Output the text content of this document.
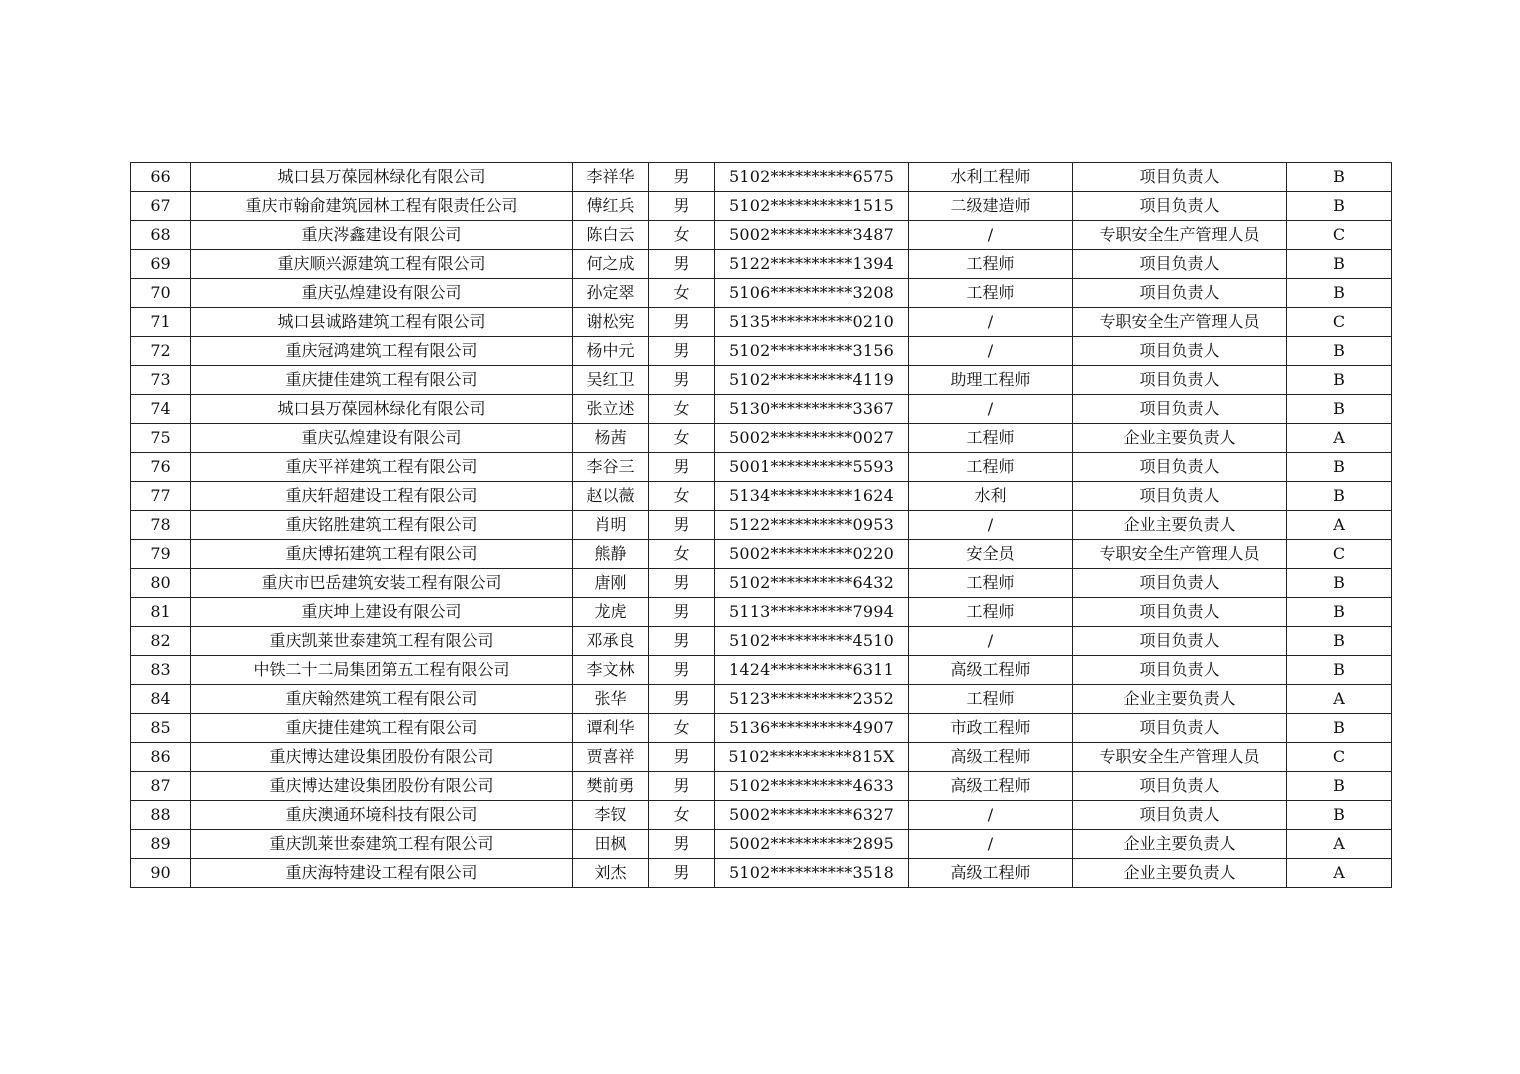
66	城口县万葆园林绿化有限公司	李祥华	男	5102**********6575	水利工程师	项目负责人	B
67	重庆市翰俞建筑园林工程有限责任公司	傅红兵	男	5102**********1515	二级建造师	项目负责人	B
68	重庆涔鑫建设有限公司	陈白云	女	5002**********3487	/	专职安全生产管理人员	C
69	重庆顺兴源建筑工程有限公司	何之成	男	5122**********1394	工程师	项目负责人	B
70	重庆弘煌建设有限公司	孙定翠	女	5106**********3208	工程师	项目负责人	B
71	城口县诚路建筑工程有限公司	谢松宪	男	5135**********0210	/	专职安全生产管理人员	C
72	重庆冠鸿建筑工程有限公司	杨中元	男	5102**********3156	/	项目负责人	B
73	重庆捷佳建筑工程有限公司	吴红卫	男	5102**********4119	助理工程师	项目负责人	B
74	城口县万葆园林绿化有限公司	张立述	女	5130**********3367	/	项目负责人	B
75	重庆弘煌建设有限公司	杨茜	女	5002**********0027	工程师	企业主要负责人	A
76	重庆平祥建筑工程有限公司	李谷三	男	5001**********5593	工程师	项目负责人	B
77	重庆轩超建设工程有限公司	赵以薇	女	5134**********1624	水利	项目负责人	B
78	重庆铭胜建筑工程有限公司	肖明	男	5122**********0953	/	企业主要负责人	A
79	重庆博拓建筑工程有限公司	熊静	女	5002**********0220	安全员	专职安全生产管理人员	C
80	重庆市巴岳建筑安装工程有限公司	唐刚	男	5102**********6432	工程师	项目负责人	B
81	重庆坤上建设有限公司	龙虎	男	5113**********7994	工程师	项目负责人	B
82	重庆凯莱世泰建筑工程有限公司	邓承良	男	5102**********4510	/	项目负责人	B
83	中铁二十二局集团第五工程有限公司	李文林	男	1424**********6311	高级工程师	项目负责人	B
84	重庆翰然建筑工程有限公司	张华	男	5123**********2352	工程师	企业主要负责人	A
85	重庆捷佳建筑工程有限公司	谭利华	女	5136**********4907	市政工程师	项目负责人	B
86	重庆博达建设集团股份有限公司	贾喜祥	男	5102**********815X	高级工程师	专职安全生产管理人员	C
87	重庆博达建设集团股份有限公司	樊前勇	男	5102**********4633	高级工程师	项目负责人	B
88	重庆澳通环境科技有限公司	李钗	女	5002**********6327	/	项目负责人	B
89	重庆凯莱世泰建筑工程有限公司	田枫	男	5002**********2895	/	企业主要负责人	A
90	重庆海特建设工程有限公司	刘杰	男	5102**********3518	高级工程师	企业主要负责人	A
